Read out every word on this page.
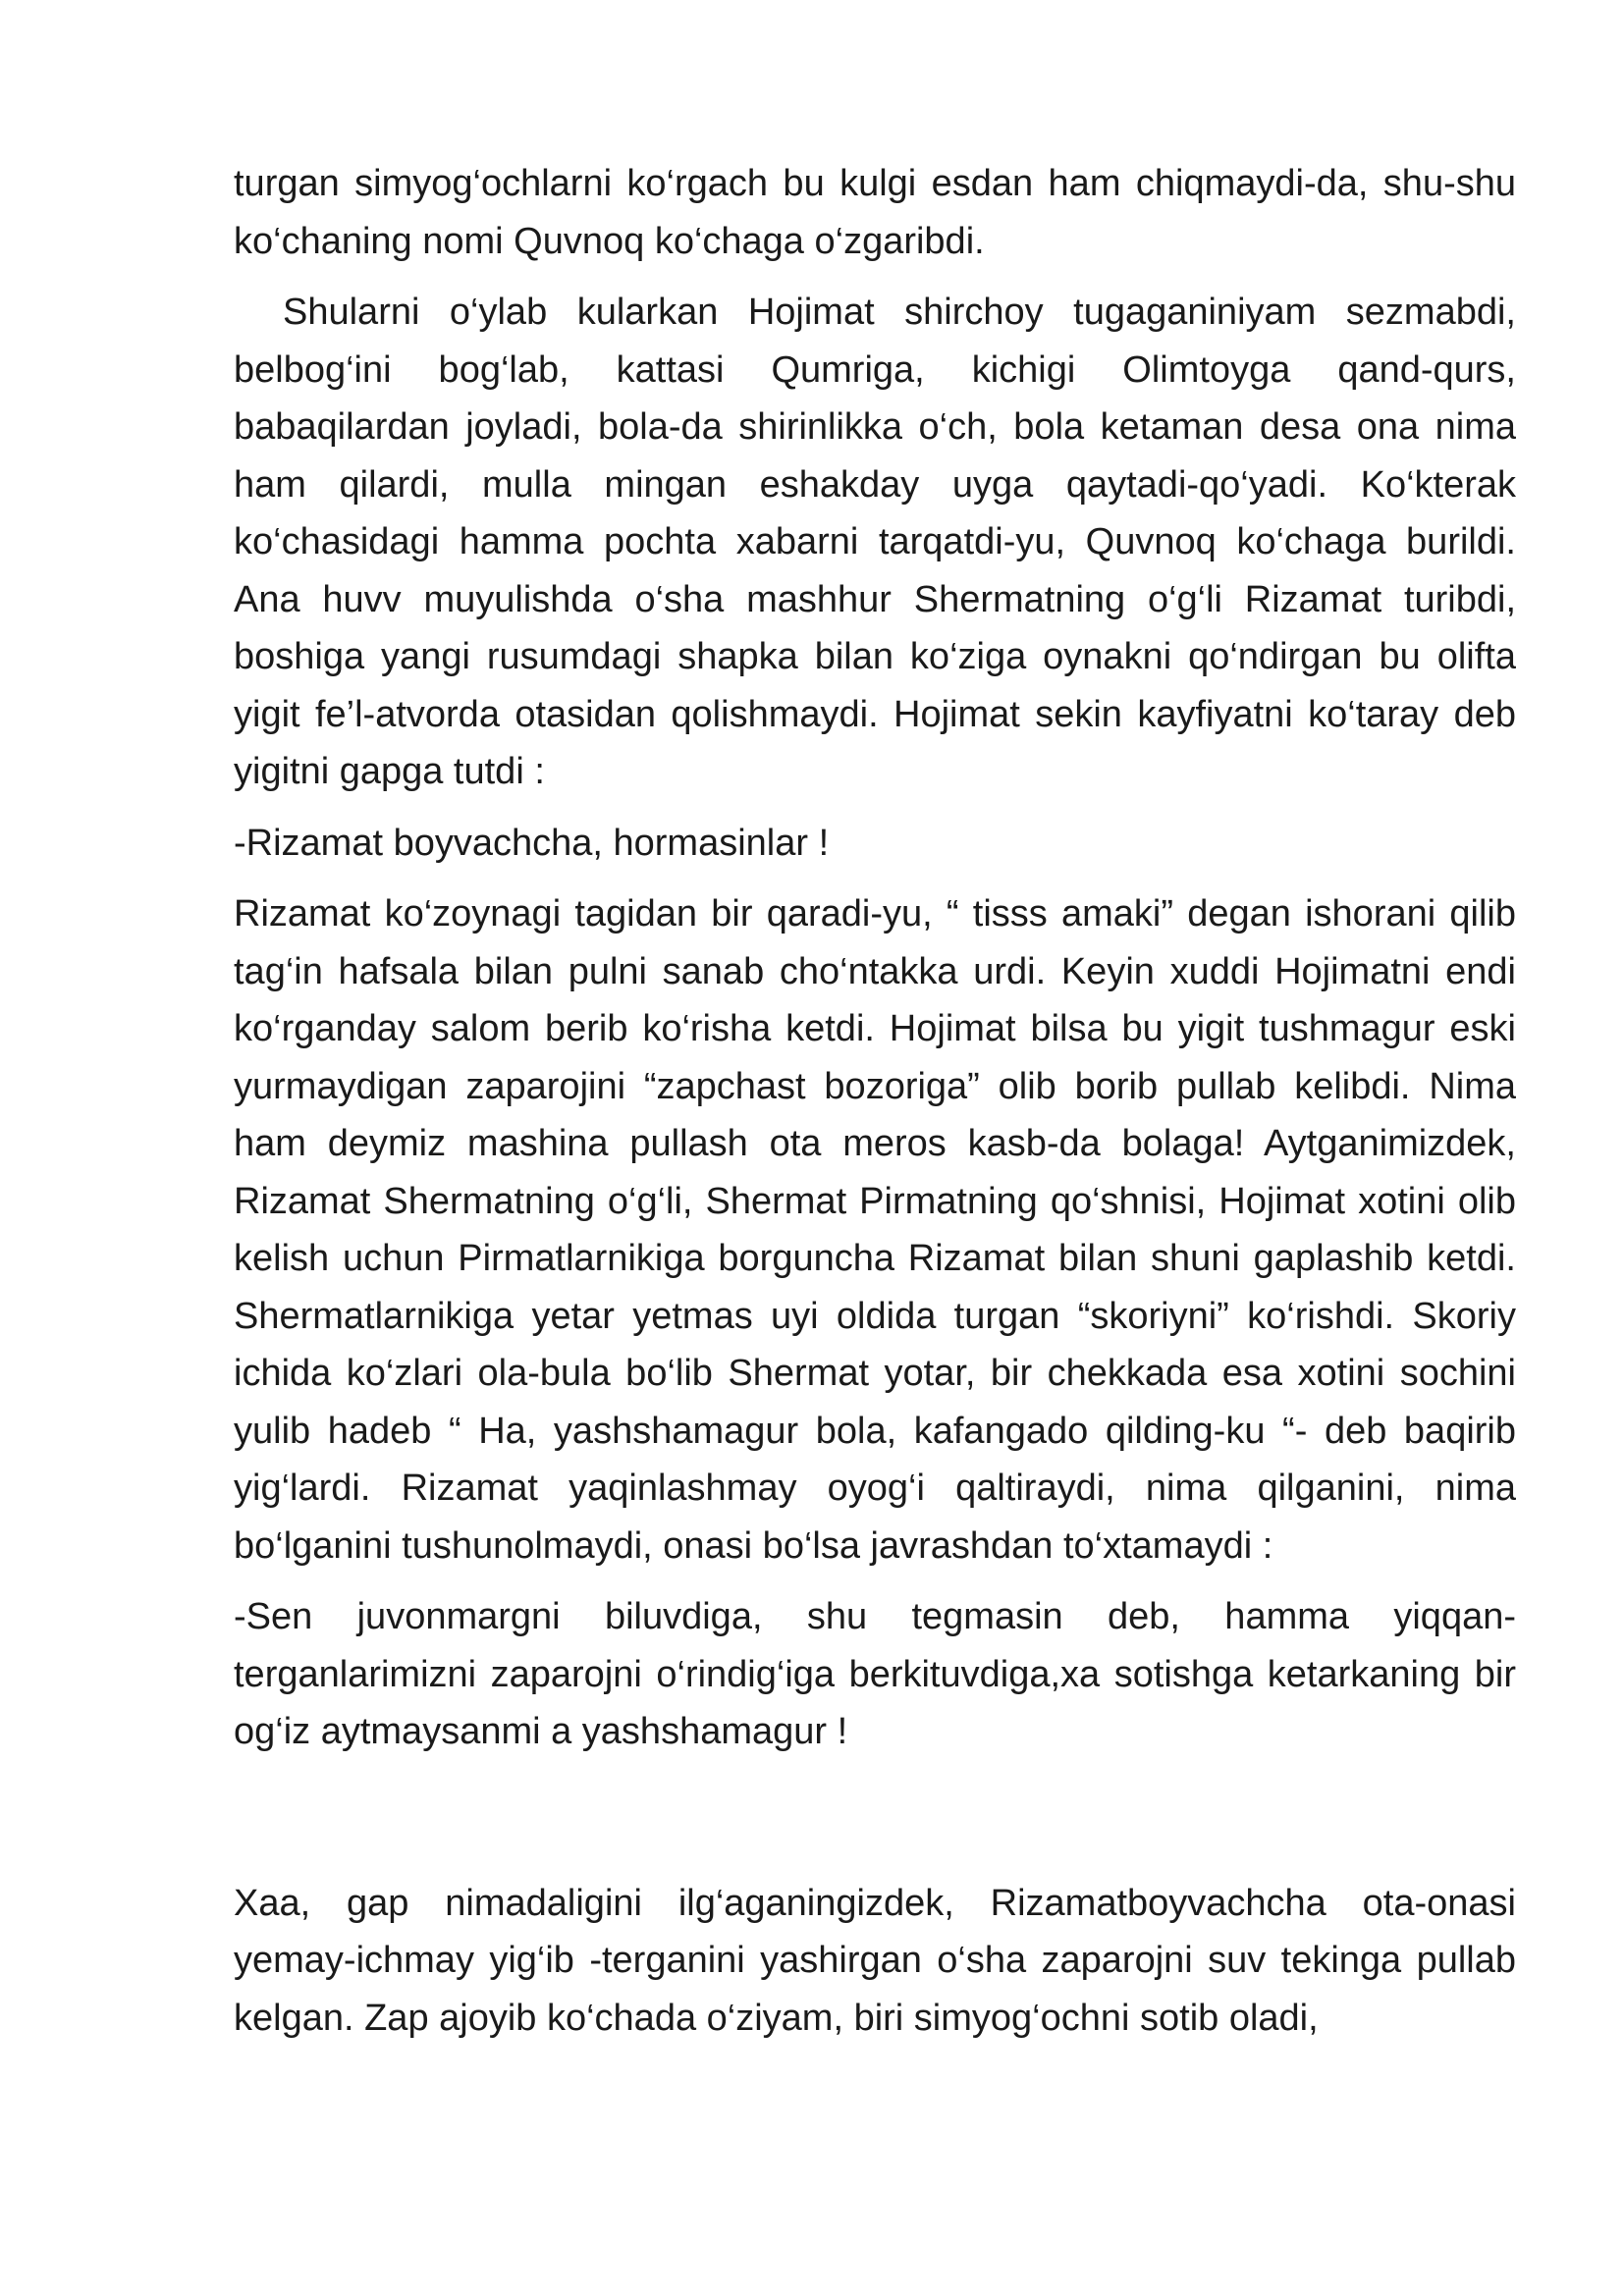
turgan simyog‘ochlarni ko‘rgach bu kulgi esdan ham chiqmaydi-da, shu-shu ko‘chaning nomi Quvnoq ko‘chaga o‘zgaribdi.

Shularni o‘ylab kularkan Hojimat shirchoy tugaganiniyam sezmabdi, belbog‘ini bog‘lab, kattasi Qumriga, kichigi Olimtoyga qand-qurs, babaqilardan joyladi, bola-da shirinlikka o‘ch, bola ketaman desa ona nima ham qilardi, mulla mingan eshakday uyga qaytadi-qo‘yadi. Ko‘kterak ko‘chasidagi hamma pochta xabarni tarqatdi-yu, Quvnoq ko‘chaga burildi. Ana huvv muyulishda o‘sha mashhur Shermatning o‘g‘li Rizamat turibdi, boshiga yangi rusumdagi shapka bilan ko‘ziga oynakni qo‘ndirgan bu olifta yigit fe’l-atvorda otasidan qolishmaydi. Hojimat sekin kayfiyatni ko‘taray deb yigitni gapga tutdi :

-Rizamat boyvachcha, hormasinlar !

Rizamat ko‘zoynagi tagidan bir qaradi-yu, “ tisss amaki” degan ishorani qilib tag‘in hafsala bilan pulni sanab cho‘ntakka urdi. Keyin xuddi Hojimatni endi ko‘rganday salom berib ko‘risha ketdi. Hojimat bilsa bu yigit tushmagur eski yurmaydigan zaparojini “zapchast bozoriga” olib borib pullab kelibdi. Nima ham deymiz mashina pullash ota meros kasb-da bolaga! Aytganimizdek, Rizamat Shermatning o‘g‘li, Shermat Pirmatning qo‘shnisi, Hojimat xotini olib kelish uchun Pirmatlarnikiga borguncha Rizamat bilan shuni gaplashib ketdi. Shermatlarnikiga yetar yetmas uyi oldida turgan “skoriyni” ko‘rishdi. Skoriy ichida ko‘zlari ola-bula bo‘lib Shermat yotar, bir chekkada esa xotini sochini yulib hadeb “ Ha, yashshamagur bola, kafangado qilding-ku “- deb baqirib yig‘lardi. Rizamat yaqinlashmay oyog‘i qaltiraydi, nima qilganini, nima bo‘lganini tushunolmaydi, onasi bo‘lsa javrashdan to‘xtamaydi :

-Sen juvonmargni biluvdiga, shu tegmasin deb, hamma yiqqan-terganlarimizni zaparojni o‘rindig‘iga berkituvdiga,xa sotishga ketarkaning bir og‘iz aytmaysanmi a yashshamagur !

Xaa, gap nimadaligini ilg‘aganingizdek, Rizamatboyvachcha ota-onasi yemay-ichmay yig‘ib -terganini yashirgan o‘sha zaparojni suv tekinga pullab kelgan. Zap ajoyib ko‘chada o‘ziyam, biri simyog‘ochni sotib oladi,
